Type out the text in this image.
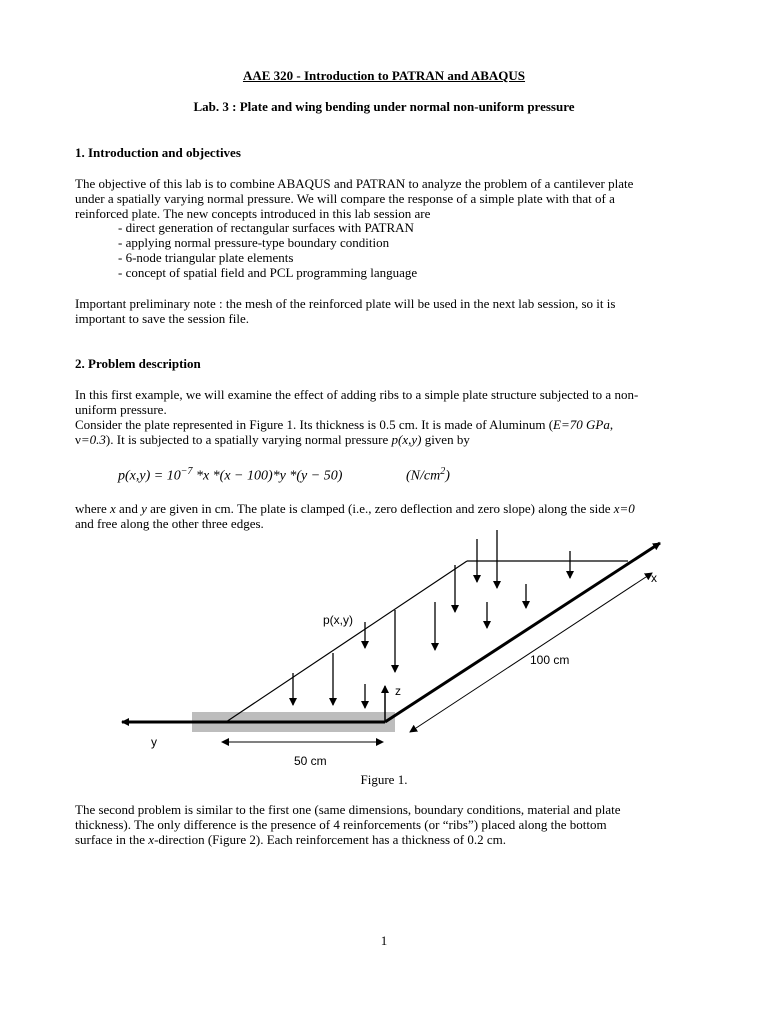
AAE 320 - Introduction to PATRAN and ABAQUS
Lab. 3 : Plate and wing bending under normal non-uniform pressure
1. Introduction and objectives
The objective of this lab is to combine ABAQUS and PATRAN to analyze the problem of a cantilever plate
under a spatially varying normal pressure. We will compare the response of a simple plate with that of a
reinforced plate. The new concepts introduced in this lab session are
- direct generation of rectangular surfaces with PATRAN
- applying normal pressure-type boundary condition
- 6-node triangular plate elements
- concept of spatial field and PCL programming language
Important preliminary note : the mesh of the reinforced plate will be used in the next lab session, so it is
important to save the session file.
2. Problem description
In this first example, we will examine the effect of adding ribs to a simple plate structure subjected to a non-
uniform pressure.
Consider the plate represented in Figure 1. Its thickness is 0.5 cm. It is made of Aluminum (E=70 GPa,
ν=0.3). It is subjected to a spatially varying normal pressure p(x,y) given by
$p(x,y) = 10^{-7}$ *x *(x − 100)*y *(y − 50)	$(N/cm^2)$
where x and y are given in cm. The plate is clamped (i.e., zero deflection and zero slope) along the side x=0
and free along the other three edges.
p(x,y)
x
y
z
100 cm
50 cm
Figure 1.
The second problem is similar to the first one (same dimensions, boundary conditions, material and plate
thickness). The only difference is the presence of 4 reinforcements (or “ribs”) placed along the bottom
surface in the x-direction (Figure 2). Each reinforcement has a thickness of 0.2 cm.
1
